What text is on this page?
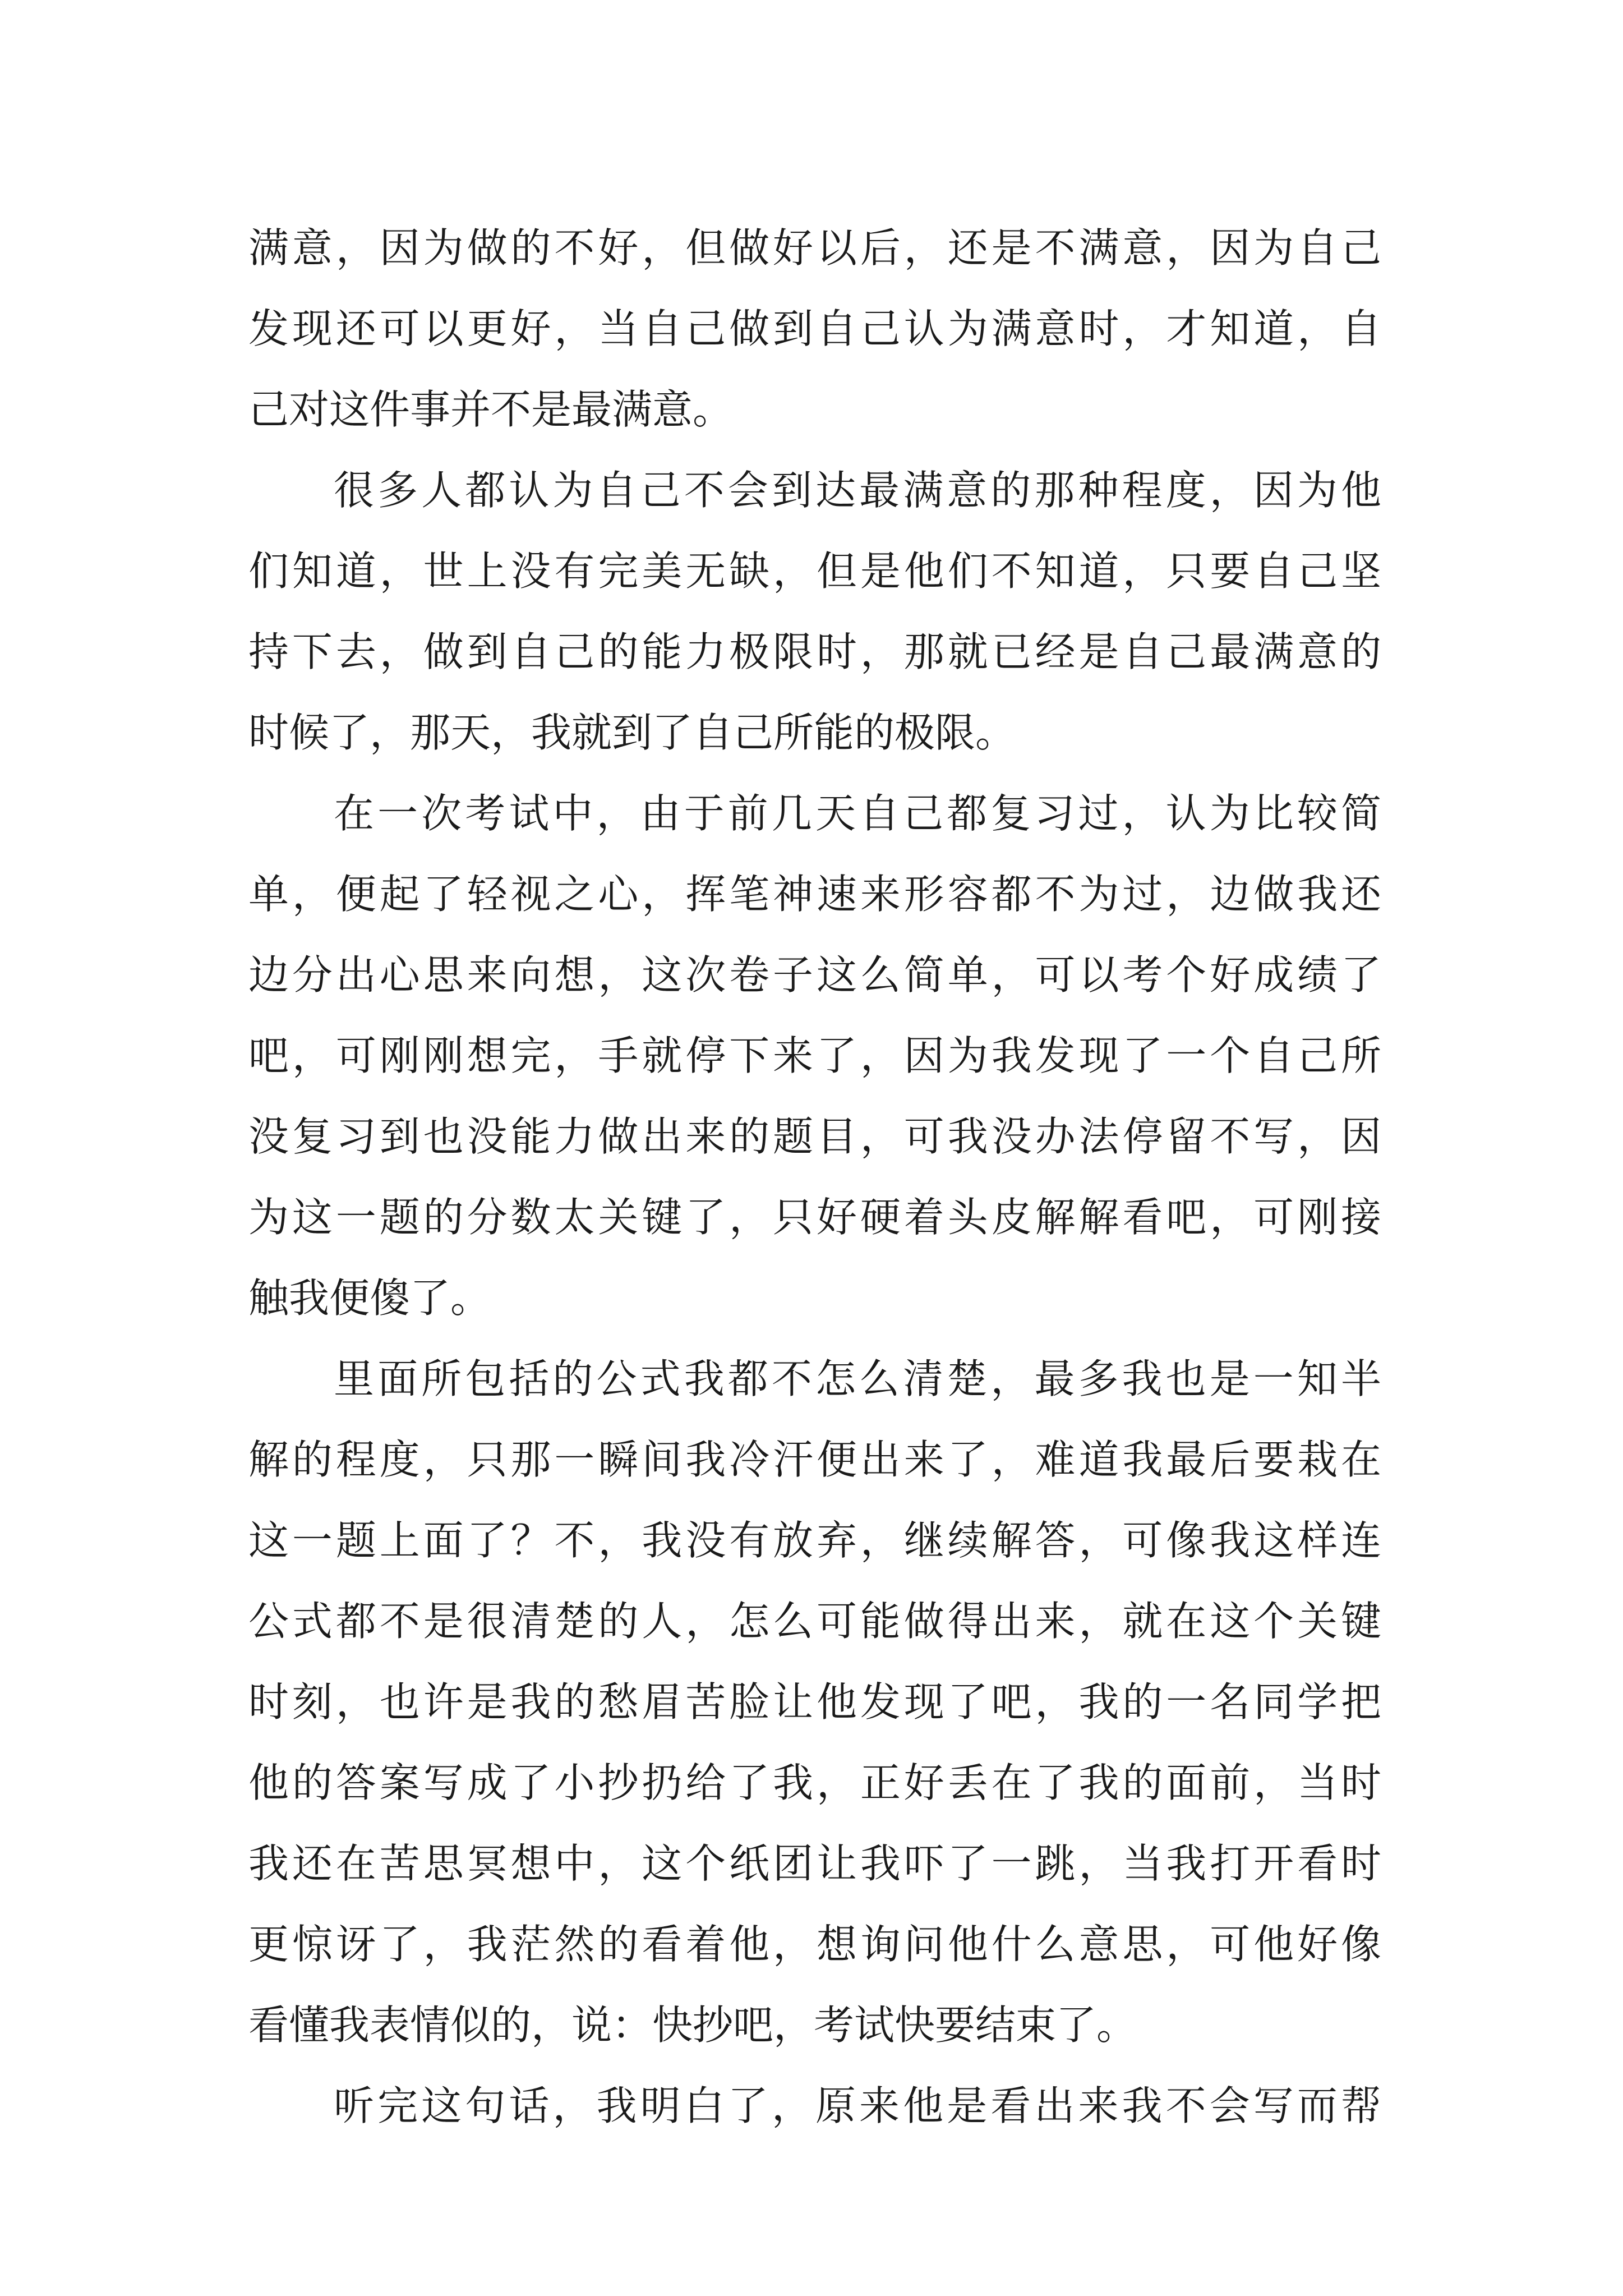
满意，因为做的不好，但做好以后，还是不满意，因为自己
发现还可以更好，当自己做到自己认为满意时，才知道，自
己对这件事并不是最满意。
很多人都认为自己不会到达最满意的那种程度，因为他
们知道，世上没有完美无缺，但是他们不知道，只要自己坚
持下去，做到自己的能力极限时，那就已经是自己最满意的
时候了，那天，我就到了自己所能的极限。
在一次考试中，由于前几天自己都复习过，认为比较简
单，便起了轻视之心，挥笔神速来形容都不为过，边做我还
边分出心思来向想，这次卷子这么简单，可以考个好成绩了
吧，可刚刚想完，手就停下来了，因为我发现了一个自己所
没复习到也没能力做出来的题目，可我没办法停留不写，因
为这一题的分数太关键了，只好硬着头皮解解看吧，可刚接
触我便傻了。
里面所包括的公式我都不怎么清楚，最多我也是一知半
解的程度，只那一瞬间我冷汗便出来了，难道我最后要栽在
这一题上面了？不，我没有放弃，继续解答，可像我这样连
公式都不是很清楚的人，怎么可能做得出来，就在这个关键
时刻，也许是我的愁眉苦脸让他发现了吧，我的一名同学把
他的答案写成了小抄扔给了我，正好丢在了我的面前，当时
我还在苦思冥想中，这个纸团让我吓了一跳，当我打开看时
更惊讶了，我茫然的看着他，想询问他什么意思，可他好像
看懂我表情似的，说：快抄吧，考试快要结束了。
听完这句话，我明白了，原来他是看出来我不会写而帮
